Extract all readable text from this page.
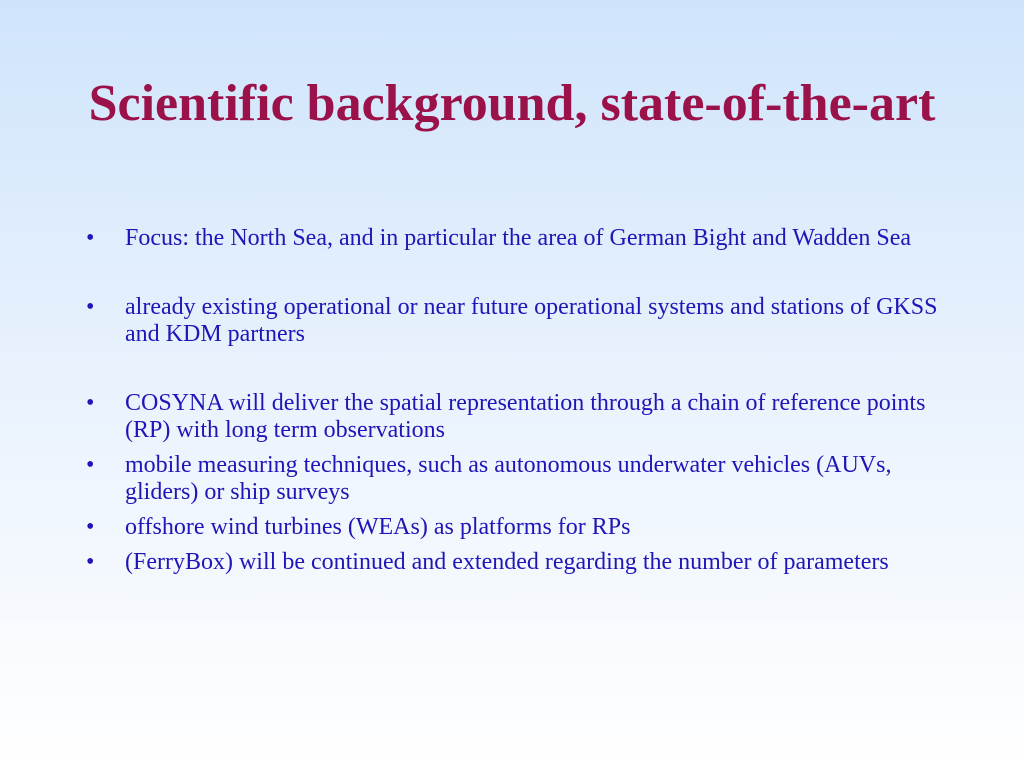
Scientific background, state-of-the-art
• Focus: the North Sea, and in particular the area of German Bight and Wadden Sea
• already existing operational or near future operational systems and stations of GKSS and KDM partners
• COSYNA will deliver the spatial representation through a chain of reference points (RP) with long term observations
• mobile measuring techniques, such as autonomous underwater vehicles (AUVs, gliders) or ship surveys
• offshore wind turbines (WEAs) as platforms for RPs
• (FerryBox) will be continued and extended regarding the number of parameters
